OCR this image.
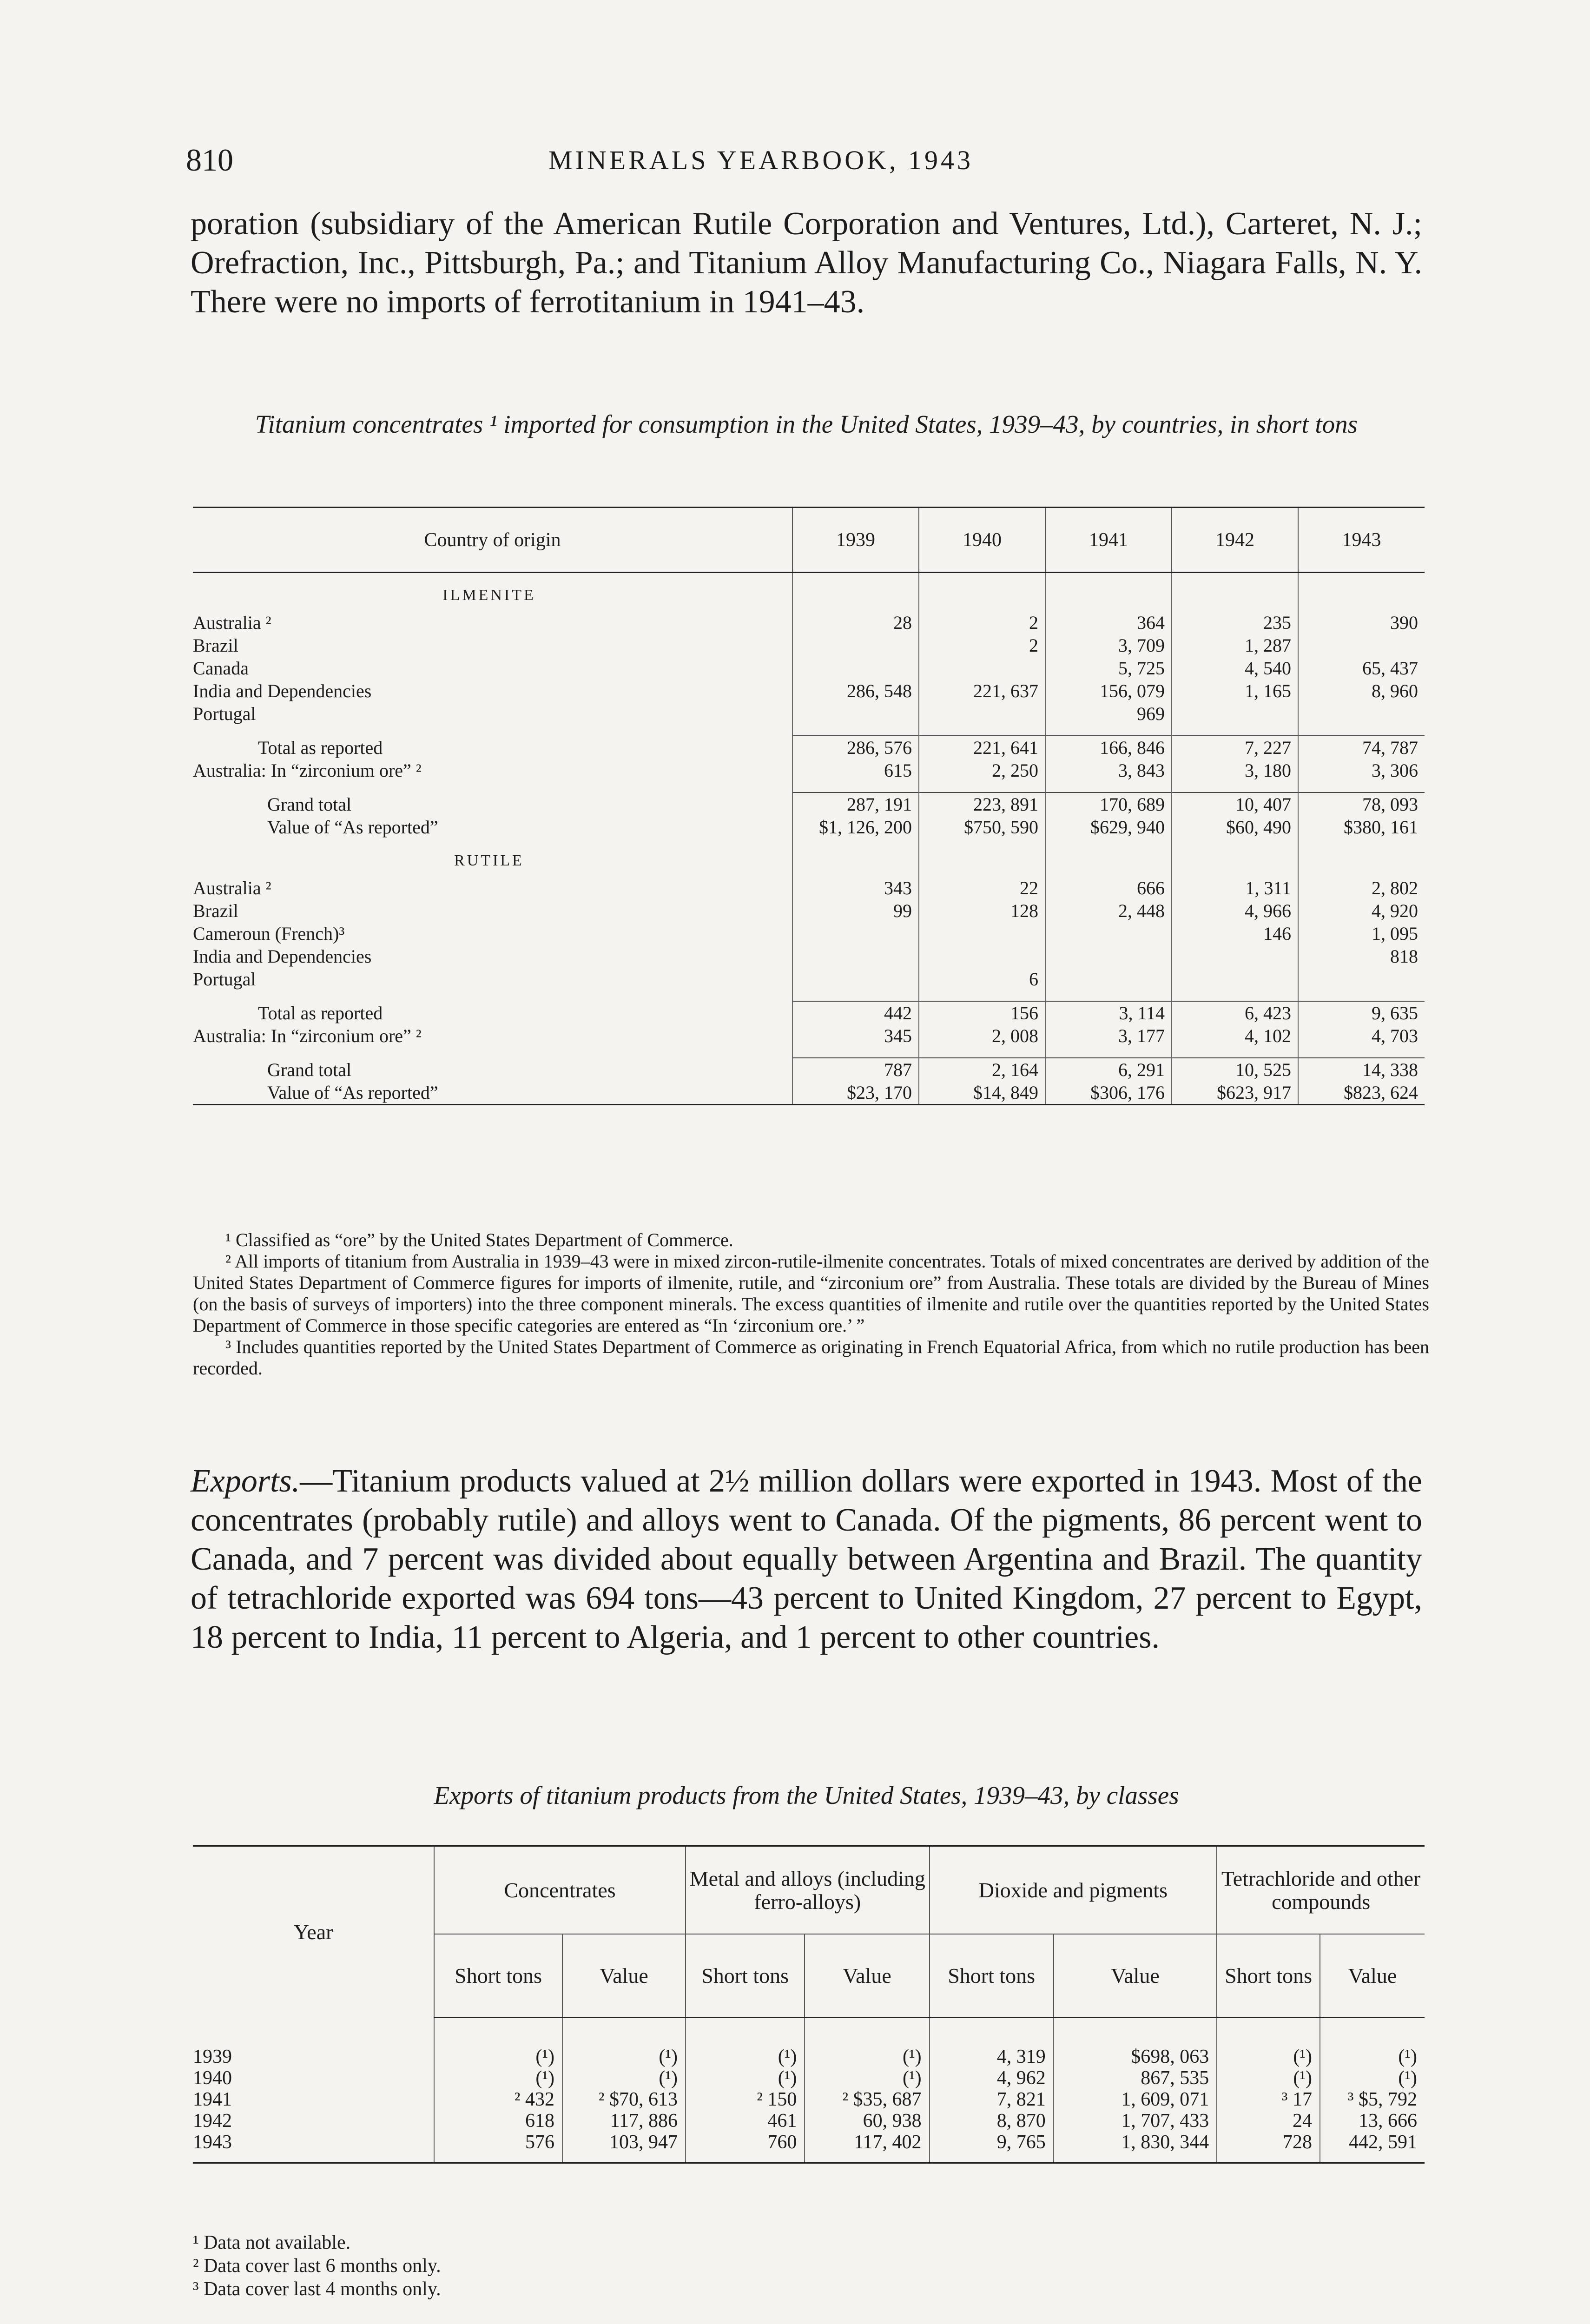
810	MINERALS YEARBOOK, 1943

poration (subsidiary of the American Rutile Corporation and Ventures, Ltd.), Carteret, N. J.; Orefraction, Inc., Pittsburgh, Pa.; and Titanium Alloy Manufacturing Co., Niagara Falls, N. Y. There were no imports of ferrotitanium in 1941–43.

Titanium concentrates ¹ imported for consumption in the United States, 1939–43, by countries, in short tons
Country of origin	1939	1940	1941	1942	1943
ILMENITE					
Australia ²	28	2	364	235	390
Brazil		2	3, 709	1, 287	
Canada			5, 725	4, 540	65, 437
India and Dependencies	286, 548	221, 637	156, 079	1, 165	8, 960
Portugal			969		

Total as reported	286, 576	221, 641	166, 846	7, 227	74, 787
Australia: In “zirconium ore” ²	615	2, 250	3, 843	3, 180	3, 306

Grand total	287, 191	223, 891	170, 689	10, 407	78, 093
Value of “As reported”	$1, 126, 200	$750, 590	$629, 940	$60, 490	$380, 161
RUTILE					
Australia ²	343	22	666	1, 311	2, 802
Brazil	99	128	2, 448	4, 966	4, 920
Cameroun (French)³				146	1, 095
India and Dependencies					818
Portugal		6			

Total as reported	442	156	3, 114	6, 423	9, 635
Australia: In “zirconium ore” ²	345	2, 008	3, 177	4, 102	4, 703

Grand total	787	2, 164	6, 291	10, 525	14, 338
Value of “As reported”	$23, 170	$14, 849	$306, 176	$623, 917	$823, 624

¹ Classified as “ore” by the United States Department of Commerce.

² All imports of titanium from Australia in 1939–43 were in mixed zircon-rutile-ilmenite concentrates. Totals of mixed concentrates are derived by addition of the United States Department of Commerce figures for imports of ilmenite, rutile, and “zirconium ore” from Australia. These totals are divided by the Bureau of Mines (on the basis of surveys of importers) into the three component minerals. The excess quantities of ilmenite and rutile over the quantities reported by the United States Department of Commerce in those specific categories are entered as “In ‘zirconium ore.’ ”

³ Includes quantities reported by the United States Department of Commerce as originating in French Equatorial Africa, from which no rutile production has been recorded.

Exports.—Titanium products valued at 2½ million dollars were exported in 1943. Most of the concentrates (probably rutile) and alloys went to Canada. Of the pigments, 86 percent went to Canada, and 7 percent was divided about equally between Argentina and Brazil. The quantity of tetrachloride exported was 694 tons—43 percent to United Kingdom, 27 percent to Egypt, 18 percent to India, 11 percent to Algeria, and 1 percent to other countries.

Exports of titanium products from the United States, 1939–43, by classes
Year	Concentrates		Metal and alloys (including ferro-alloys)		Dioxide and pigments		Tetrachloride and other compounds	
	Short tons	Value	Short tons	Value	Short tons	Value	Short tons	Value

1939	(¹)	(¹)	(¹)	(¹)	4, 319	$698, 063	(¹)	(¹)
1940	(¹)	(¹)	(¹)	(¹)	4, 962	867, 535	(¹)	(¹)
1941	² 432	² $70, 613	² 150	² $35, 687	7, 821	1, 609, 071	³ 17	³ $5, 792
1942	618	117, 886	461	60, 938	8, 870	1, 707, 433	24	13, 666
1943	576	103, 947	760	117, 402	9, 765	1, 830, 344	728	442, 591

¹ Data not available.

² Data cover last 6 months only.

³ Data cover last 4 months only.
